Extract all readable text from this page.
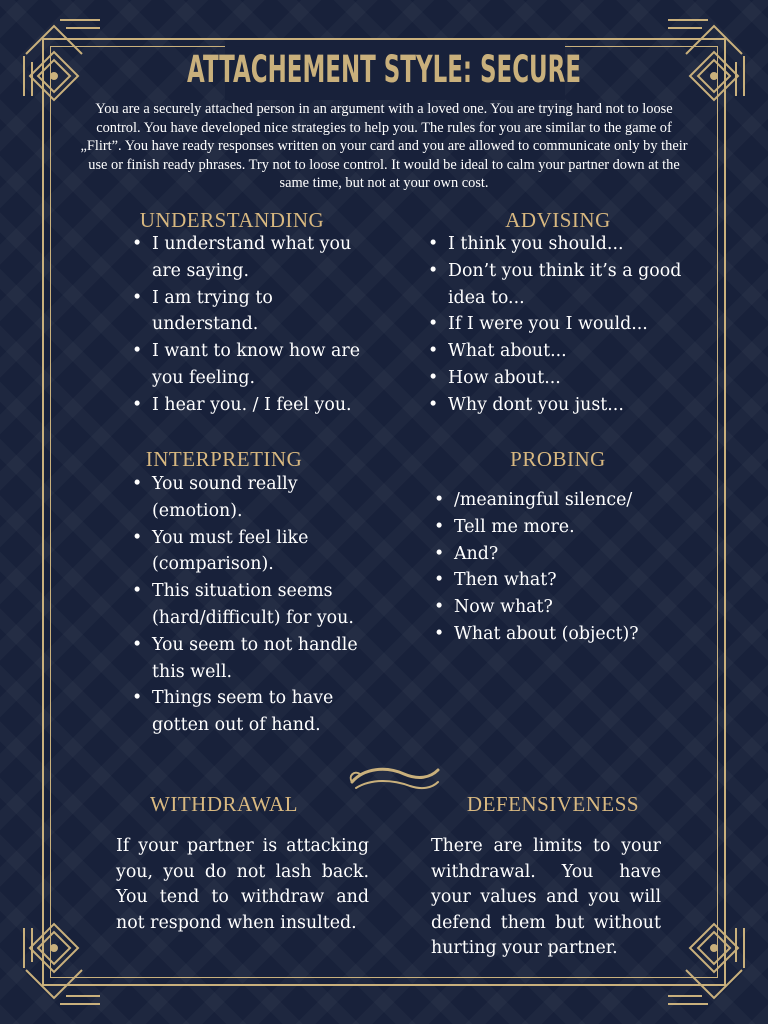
ATTACHEMENT STYLE: SECURE

You are a securely attached person in an argument with a loved one. You are trying hard not to loose control. You have developed nice strategies to help you. The rules for you are similar to the game of „Flirt”. You have ready responses written on your card and you are allowed to communicate only by their use or finish ready phrases. Try not to loose control. It would be ideal to calm your partner down at the same time, but not at your own cost.

UNDERSTANDING
• I understand what you are saying.
• I am trying to understand.
• I want to know how are you feeling.
• I hear you. / I feel you.
ADVISING
• I think you should...
• Don’t you think it’s a good idea to...
• If I were you I would...
• What about...
• How about...
• Why dont you just...
INTERPRETING
• You sound really (emotion).
• You must feel like (comparison).
• This situation seems (hard/difficult) for you.
• You seem to not handle this well.
• Things seem to have gotten out of hand.
PROBING
• /meaningful silence/
• Tell me more.
• And?
• Then what?
• Now what?
• What about (object)?
WITHDRAWAL

If your partner is attacking you, you do not lash back. You tend to withdraw and not respond when insulted.

DEFENSIVENESS

There are limits to your withdrawal. You have your values and you will defend them but without hurting your partner.
